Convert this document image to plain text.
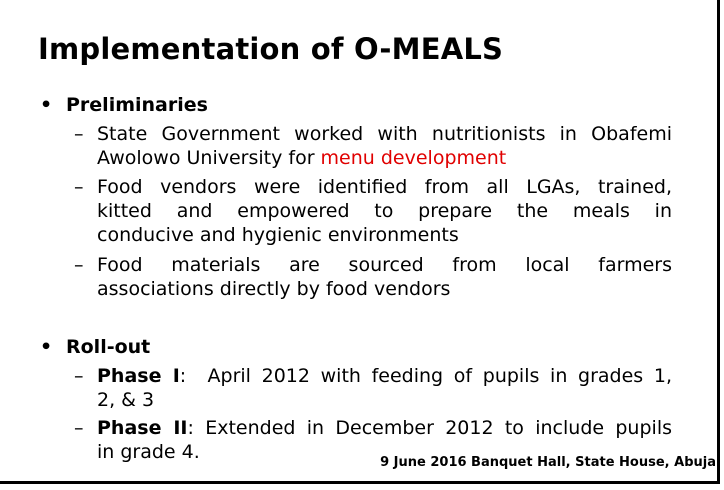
Implementation of O-MEALS
• Preliminaries
– State Government worked with nutritionists in Obafemi
Awolowo University for menu development
– Food vendors were identified from all LGAs, trained,
kitted and empowered to prepare the meals in
conducive and hygienic environments
– Food materials are sourced from local farmers
associations directly by food vendors
• Roll-out
– Phase I:  April 2012 with feeding of pupils in grades 1,
2, & 3
– Phase II: Extended in December 2012 to include pupils
in grade 4.	9 June 2016 Banquet Hall, State House, Abuja
